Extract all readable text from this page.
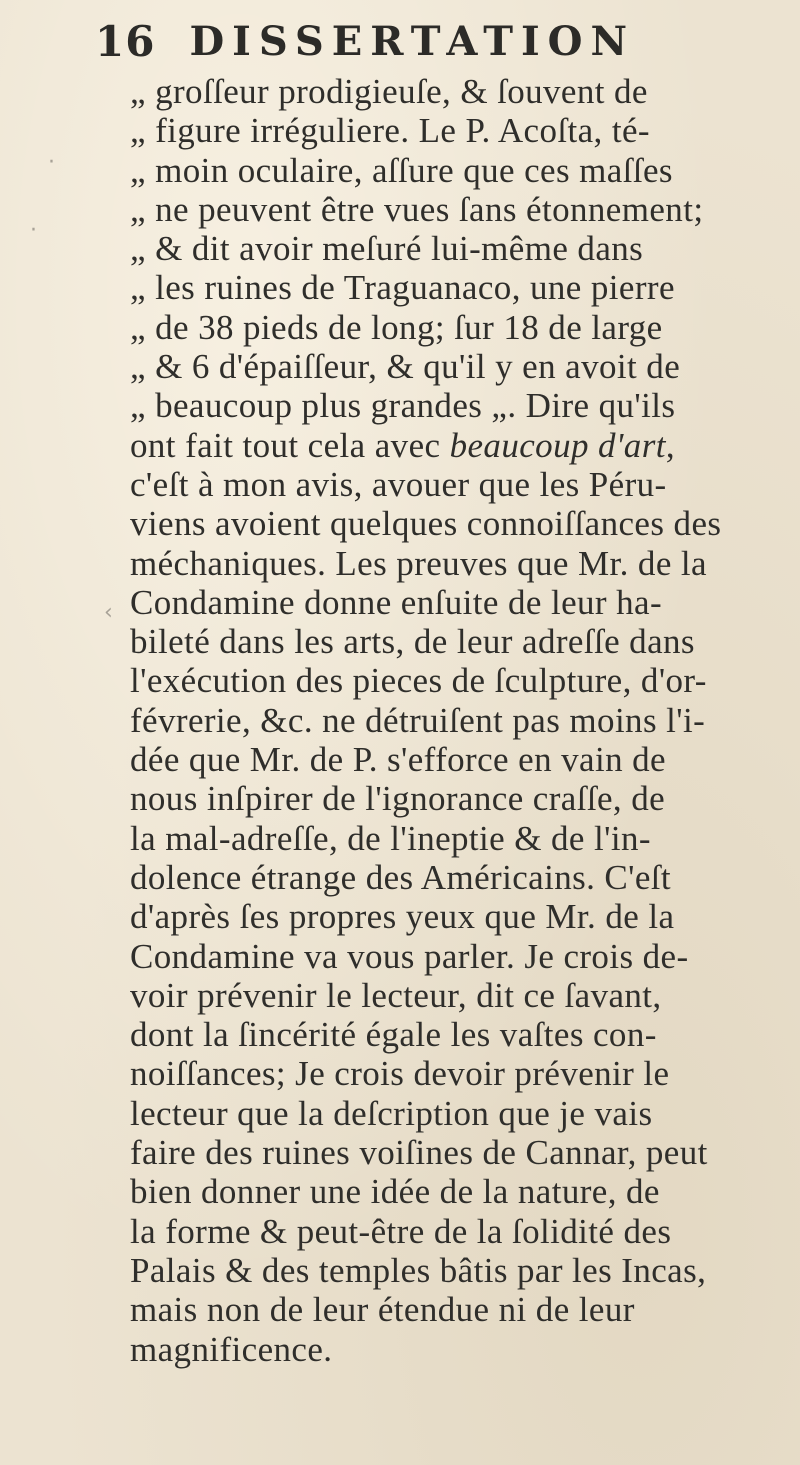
16 DISSERTATION
·
·
‹
„ groſſeur prodigieuſe, & ſouvent de
„ figure irréguliere. Le P. Acoſta, té-
„ moin oculaire, aſſure que ces maſſes
„ ne peuvent être vues ſans étonnement;
„ & dit avoir meſuré lui-même dans
„ les ruines de Traguanaco, une pierre
„ de 38 pieds de long; ſur 18 de large
„ & 6 d'épaiſſeur, & qu'il y en avoit de
„ beaucoup plus grandes „. Dire qu'ils
ont fait tout cela avec beaucoup d'art,
c'eſt à mon avis, avouer que les Péru-
viens avoient quelques connoiſſances des
méchaniques. Les preuves que Mr. de la
Condamine donne enſuite de leur ha-
bileté dans les arts, de leur adreſſe dans
l'exécution des pieces de ſculpture, d'or-
févrerie, &c. ne détruiſent pas moins l'i-
dée que Mr. de P. s'efforce en vain de
nous inſpirer de l'ignorance craſſe, de
la mal-adreſſe, de l'ineptie & de l'in-
dolence étrange des Américains. C'eſt
d'après ſes propres yeux que Mr. de la
Condamine va vous parler. Je crois de-
voir prévenir le lecteur, dit ce ſavant,
dont la ſincérité égale les vaſtes con-
noiſſances; Je crois devoir prévenir le
lecteur que la deſcription que je vais
faire des ruines voiſines de Cannar, peut
bien donner une idée de la nature, de
la forme & peut-être de la ſolidité des
Palais & des temples bâtis par les Incas,
mais non de leur étendue ni de leur
magnificence.
